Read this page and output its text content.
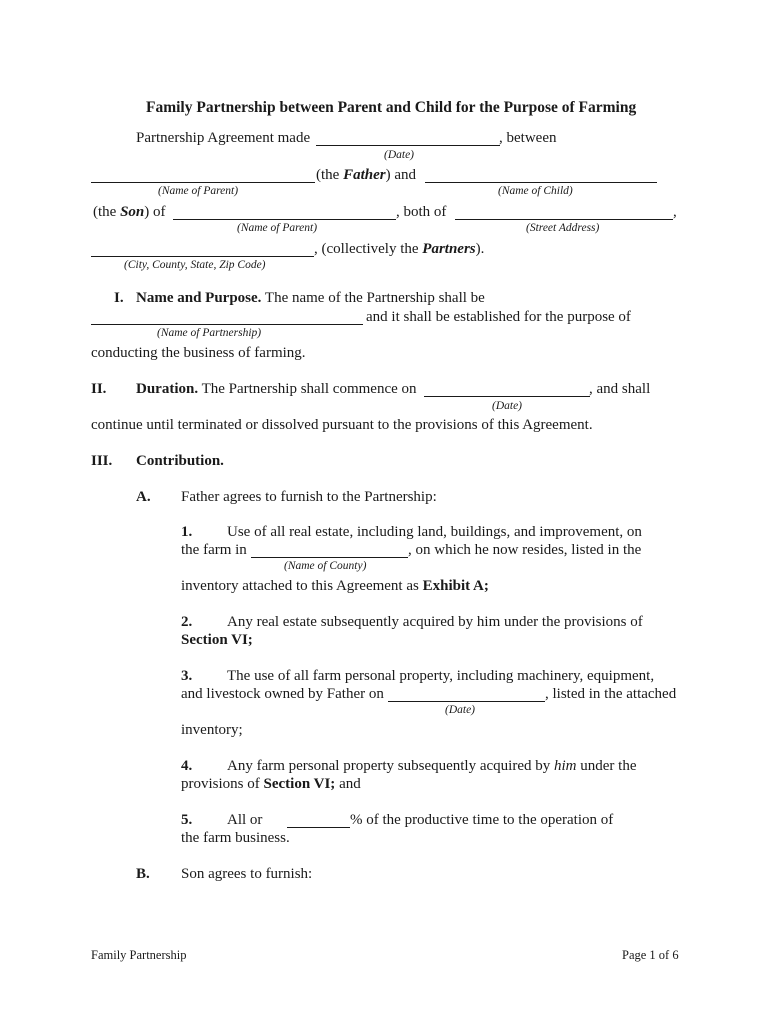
Family Partnership between Parent and Child for the Purpose of Farming
Partnership Agreement made	, between
(Date)
(the Father) and
(Name of Parent)	(Name of Child)
(the Son) of	, both of	,
(Name of Parent)	(Street Address)
, (collectively the Partners).
(City, County, State, Zip Code)
I. Name and Purpose. The name of the Partnership shall be
and it shall be established for the purpose of
(Name of Partnership)
conducting the business of farming.
II. Duration. The Partnership shall commence on	, and shall
(Date)
continue until terminated or dissolved pursuant to the provisions of this Agreement.
III. Contribution.
A. Father agrees to furnish to the Partnership:
1. Use of all real estate, including land, buildings, and improvement, on
the farm in	, on which he now resides, listed in the
(Name of County)
inventory attached to this Agreement as Exhibit A;
2. Any real estate subsequently acquired by him under the provisions of
Section VI;
3. The use of all farm personal property, including machinery, equipment,
and livestock owned by Father on	, listed in the attached
(Date)
inventory;
4. Any farm personal property subsequently acquired by him under the
provisions of Section VI; and
5. All or	% of the productive time to the operation of
the farm business.
B. Son agrees to furnish:
Family Partnership	Page 1 of 6
